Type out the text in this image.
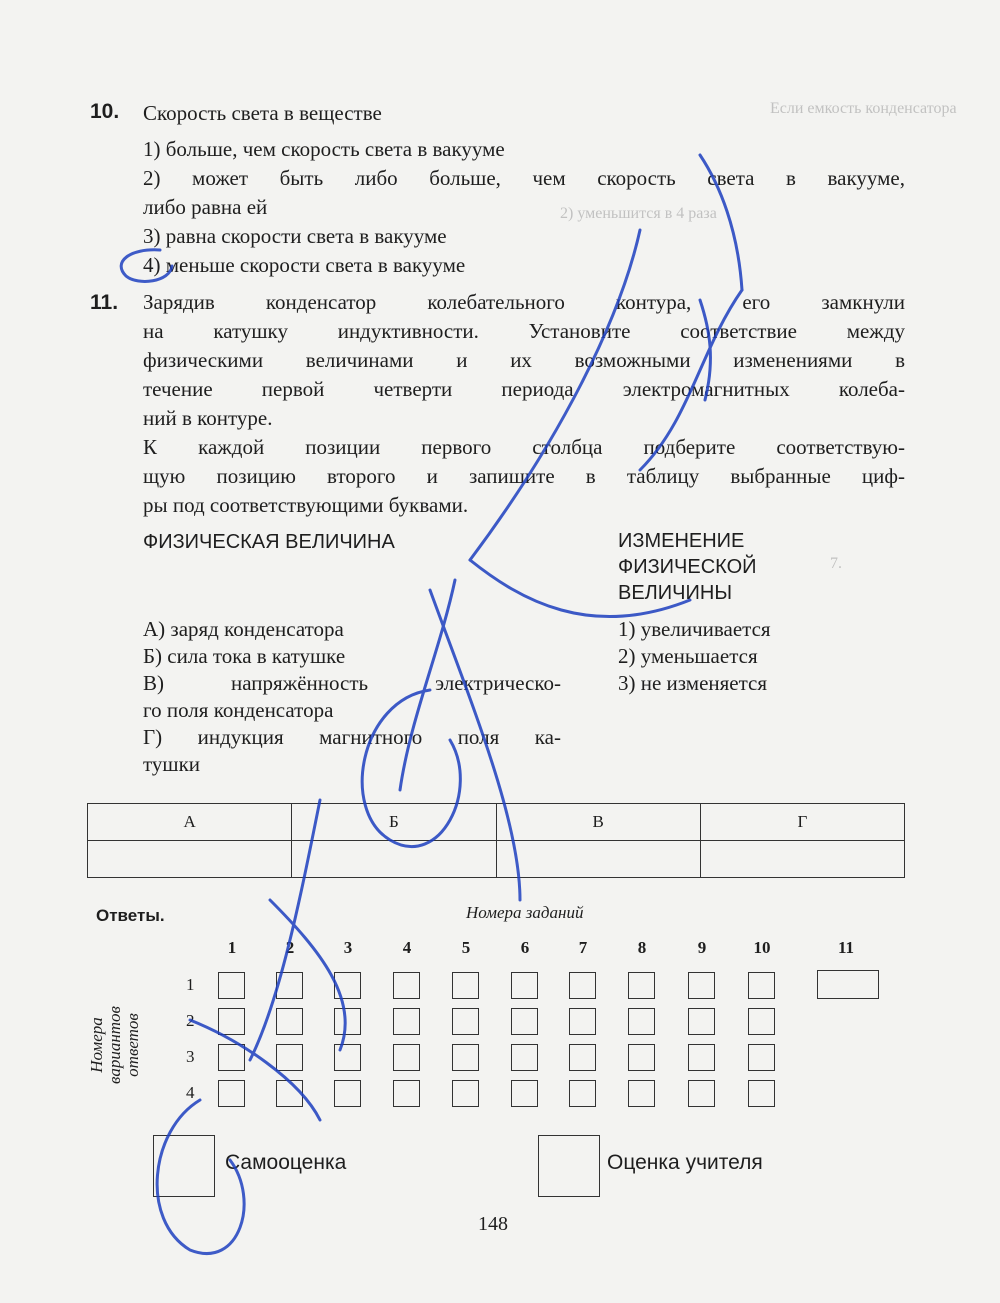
Если емкость конденсатора
2) уменьшится в 4 раза
7.
10. Скорость света в веществе
1) больше, чем скорость света в вакууме
2) может быть либо больше, чем скорость света в вакууме,
либо равна ей
3) равна скорости света в вакууме
4) меньше скорости света в вакууме
11. Зарядив конденсатор колебательного контура, его замкнули
на катушку индуктивности. Установите соответствие между
физическими величинами и их возможными изменениями в
течение первой четверти периода электромагнитных колеба-
ний в контуре.
К каждой позиции первого столбца подберите соответствую-
щую позицию второго и запишите в таблицу выбранные циф-
ры под соответствующими буквами.
ФИЗИЧЕСКАЯ ВЕЛИЧИНА	ИЗМЕНЕНИЕ
ФИЗИЧЕСКОЙ
ВЕЛИЧИНЫ
А) заряд конденсатора
Б) сила тока в катушке
В) напряжённость электрическо-
го поля конденсатора
Г) индукция магнитного поля ка-
тушки
1) увеличивается
2) уменьшается
3) не изменяется
А	Б	В	Г

Ответы.	Номера заданий
Номера вариантов ответов
1	2	3	4	5	6	7	8	9	10	11
1
2
3
4
Самооценка	Оценка учителя
148
